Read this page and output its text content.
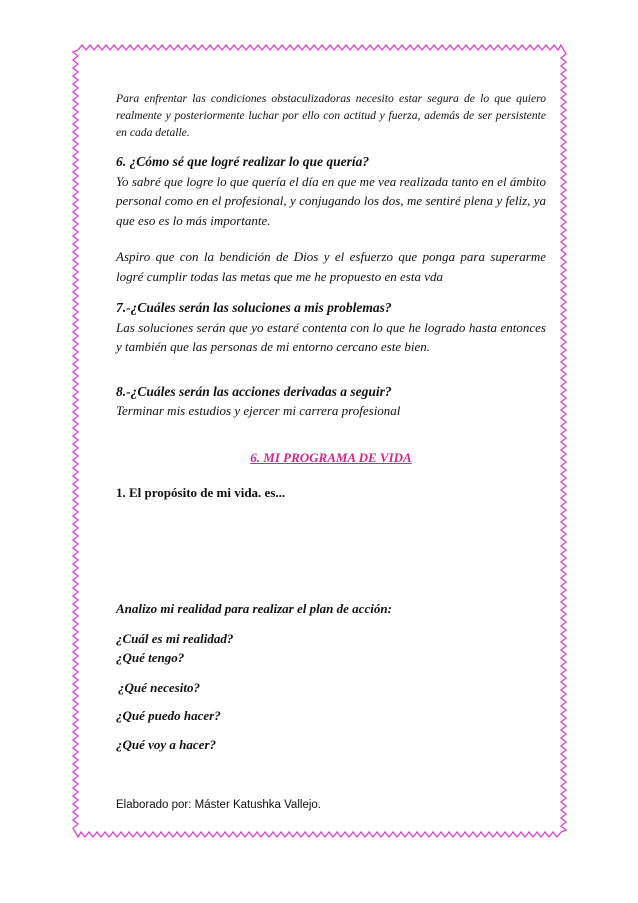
Para enfrentar las condiciones obstaculizadoras necesito estar segura de lo que quiero realmente y posteriormente luchar por ello con actitud y fuerza, además de ser persistente en cada detalle.

6. ¿Cómo sé que logré realizar lo que quería?

Yo sabré que logre lo que quería el día en que me vea realizada tanto en el ámbito personal como en el profesional, y conjugando los dos, me sentiré plena y feliz, ya que eso es lo más importante.

Aspiro que con la bendición de Dios y el esfuerzo que ponga para superarme logré cumplir todas las metas que me he propuesto en esta vda

7.-¿Cuáles serán las soluciones a mis problemas?

Las soluciones serán que yo estaré contenta con lo que he logrado hasta entonces y también que las personas de mi entorno cercano este bien.

8.-¿Cuáles serán las acciones derivadas a seguir?

Terminar mis estudios y ejercer mi carrera profesional

6. MI PROGRAMA DE VIDA

1. El propósito de mi vida. es...

Analizo mi realidad para realizar el plan de acción:

¿Cuál es mi realidad?

¿Qué tengo?

¿Qué necesito?

¿Qué puedo hacer?

¿Qué voy a hacer?

Elaborado por: Máster Katushka Vallejo.
